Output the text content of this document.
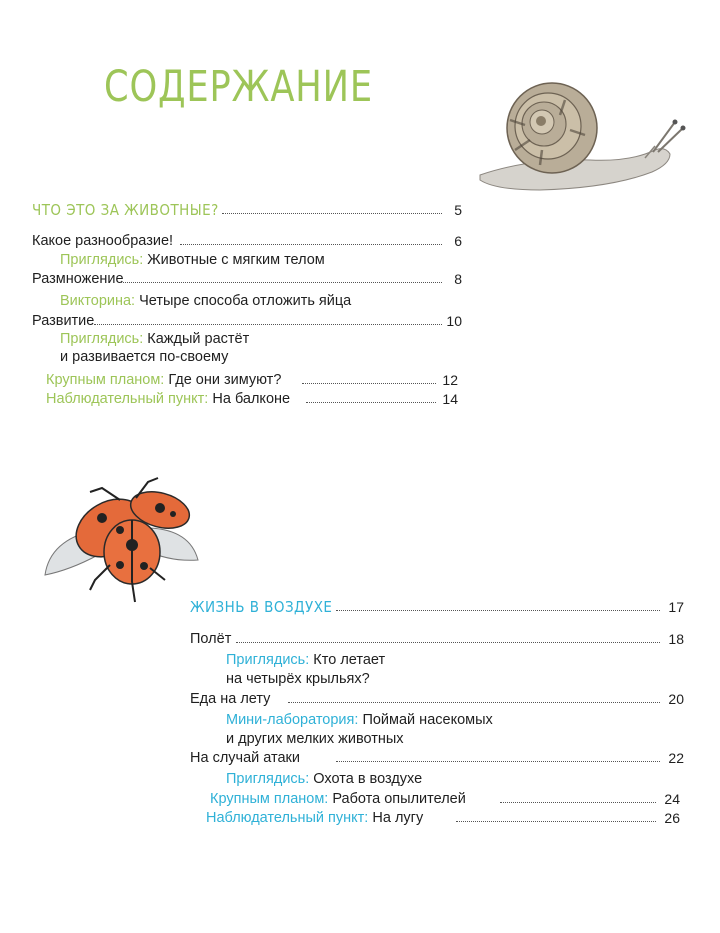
СОДЕРЖАНИЕ
ЧТО ЭТО ЗА ЖИВОТНЫЕ?	5
Какое разнообразие!	6
Приглядись: Животные с мягким телом
Размножение	8
Викторина: Четыре способа отложить яйца
Развитие	10
Приглядись: Каждый растёт
и развивается по-своему
Крупным планом: Где они зимуют?	12
Наблюдательный пункт: На балконе	14
ЖИЗНЬ В ВОЗДУХЕ	17
Полёт	18
Приглядись: Кто летает
на четырёх крыльях?
Еда на лету	20
Мини-лаборатория: Поймай насекомых
и других мелких животных
На случай атаки	22
Приглядись: Охота в воздухе
Крупным планом: Работа опылителей	24
Наблюдательный пункт: На лугу	26
